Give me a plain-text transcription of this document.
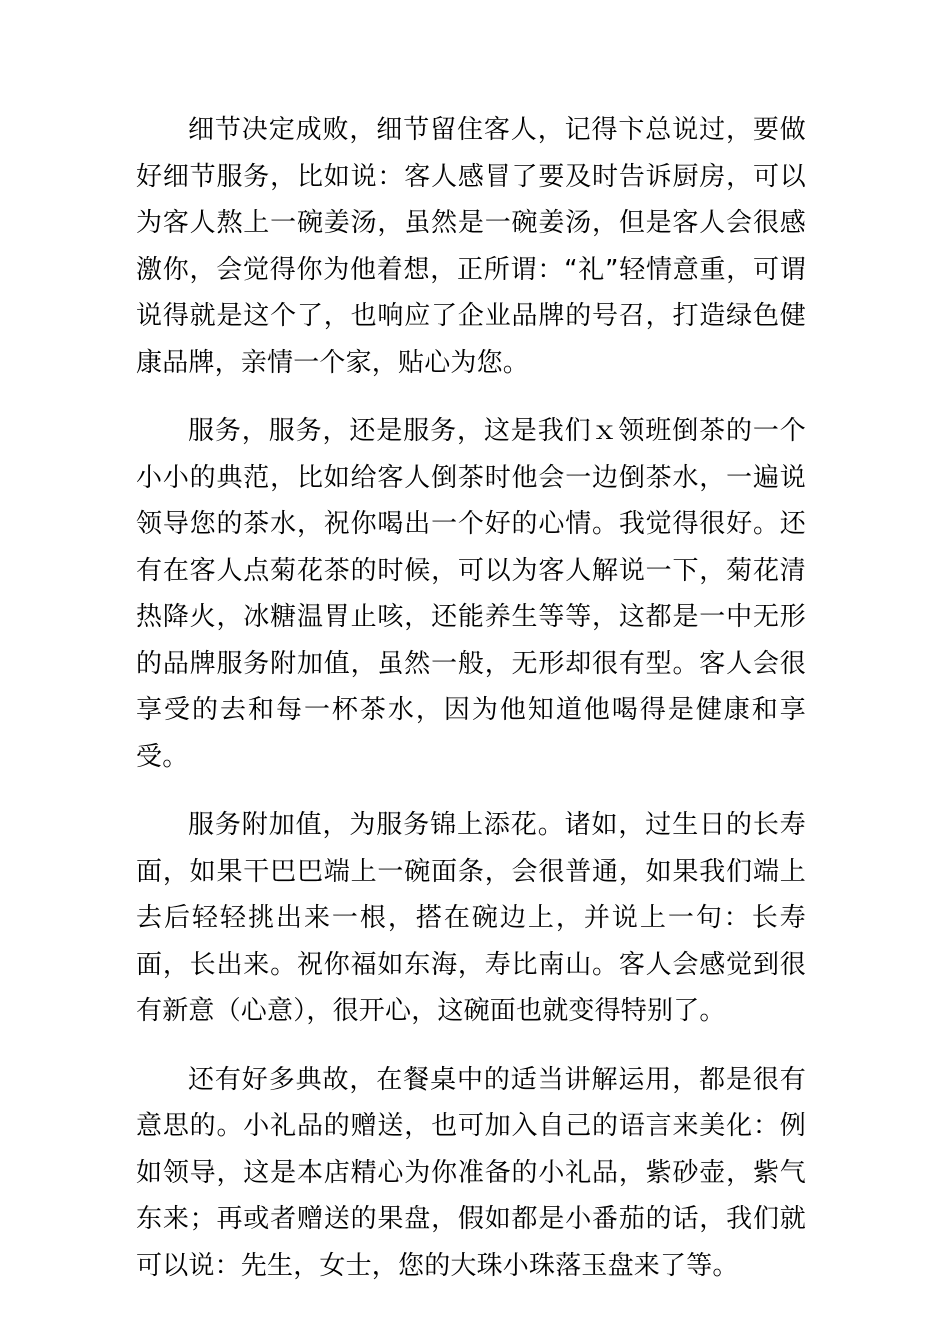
细节决定成败，细节留住客人，记得卞总说过，要做好细节服务，比如说：客人感冒了要及时告诉厨房，可以为客人熬上一碗姜汤，虽然是一碗姜汤，但是客人会很感激你，会觉得你为他着想，正所谓：“礼”轻情意重，可谓说得就是这个了，也响应了企业品牌的号召，打造绿色健康品牌，亲情一个家，贴心为您。

服务，服务，还是服务，这是我们ｘ领班倒茶的一个小小的典范，比如给客人倒茶时他会一边倒茶水，一遍说领导您的茶水，祝你喝出一个好的心情。我觉得很好。还有在客人点菊花茶的时候，可以为客人解说一下，菊花清热降火，冰糖温胃止咳，还能养生等等，这都是一中无形的品牌服务附加值，虽然一般，无形却很有型。客人会很享受的去和每一杯茶水，因为他知道他喝得是健康和享受。

服务附加值，为服务锦上添花。诸如，过生日的长寿面，如果干巴巴端上一碗面条，会很普通，如果我们端上去后轻轻挑出来一根，搭在碗边上，并说上一句：长寿面，长出来。祝你福如东海，寿比南山。客人会感觉到很有新意（心意），很开心，这碗面也就变得特别了。

还有好多典故，在餐桌中的适当讲解运用，都是很有意思的。小礼品的赠送，也可加入自己的语言来美化：例如领导，这是本店精心为你准备的小礼品，紫砂壶，紫气东来；再或者赠送的果盘，假如都是小番茄的话，我们就可以说：先生，女士，您的大珠小珠落玉盘来了等。
